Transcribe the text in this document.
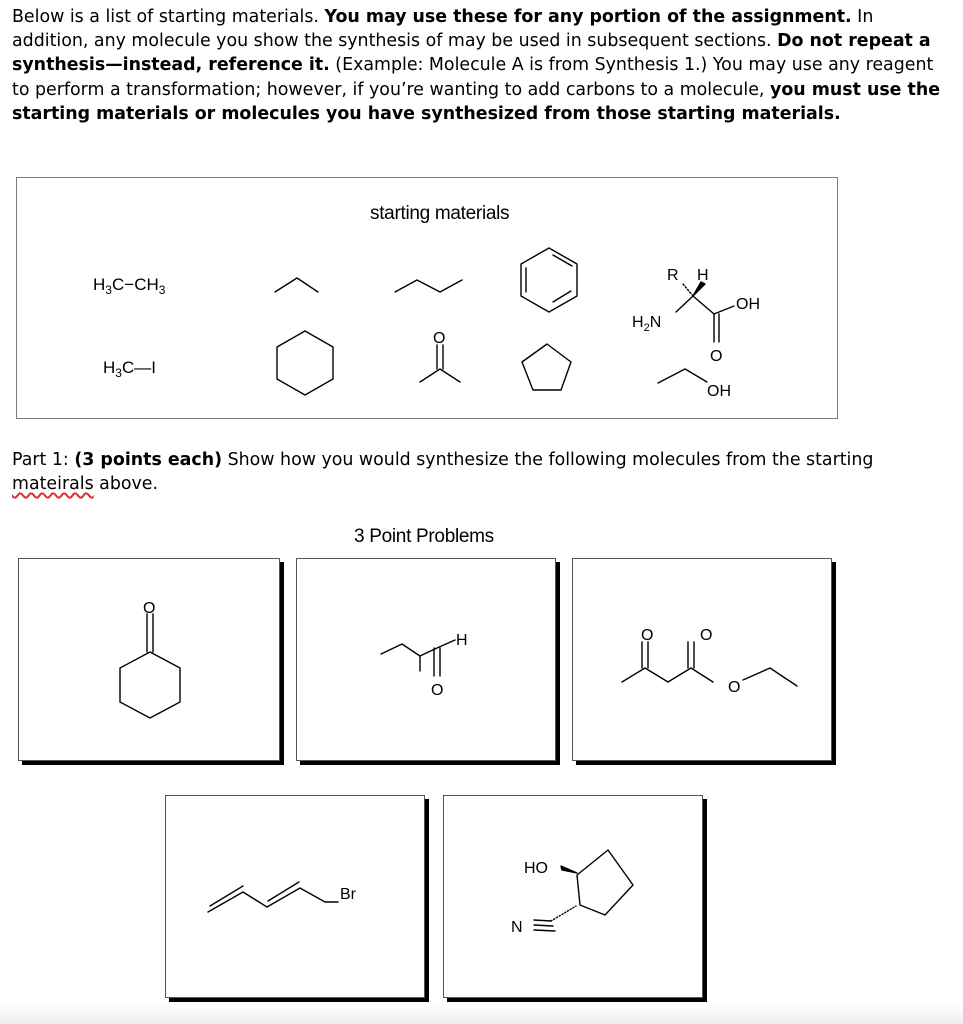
Below is a list of starting materials. You may use these for any portion of the assignment. In addition, any molecule you show the synthesis of may be used in subsequent sections. Do not repeat a synthesis—instead, reference it. (Example: Molecule A is from Synthesis 1.) You may use any reagent to perform a transformation; however, if you’re wanting to add carbons to a molecule, you must use the starting materials or molecules you have synthesized from those starting materials.

starting materials

Part 1: (3 points each) Show how you would synthesize the following molecules from the starting mateirals above.

3 Point Problems
$H_3C-CH_3$
$H_3C—I$
R H
OH
O
$H_2N$
O
OH
O
H
O
O	O
O
Br
HO
N
